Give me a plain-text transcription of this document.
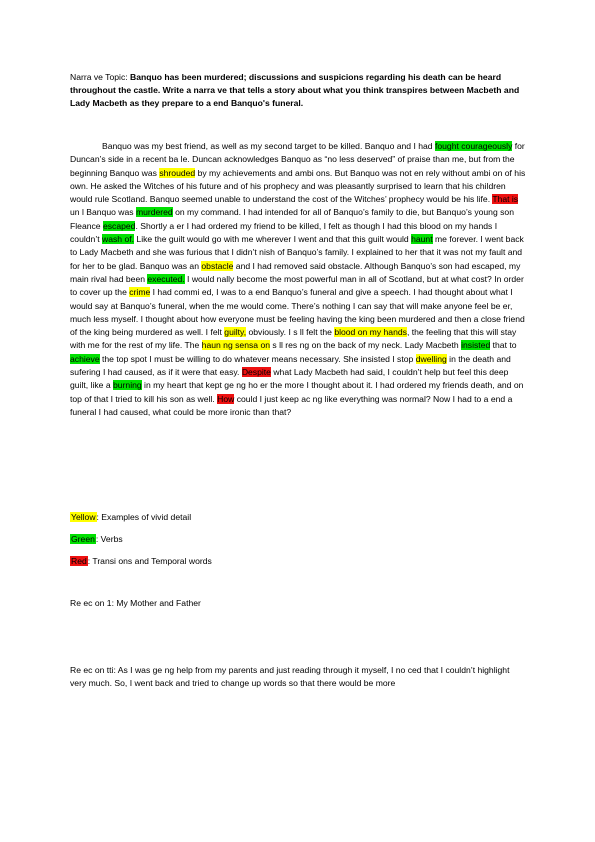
Narra ve Topic: Banquo has been murdered; discussions and suspicions regarding his death can be heard throughout the castle. Write a narra ve that tells a story about what you think transpires between Macbeth and Lady Macbeth as they prepare to a end Banquo's funeral.

Banquo was my best friend, as well as my second target to be killed. Banquo and I had fought courageously for Duncan’s side in a recent ba le. Duncan acknowledges Banquo as “no less deserved” of praise than me, but from the beginning Banquo was shrouded by my achievements and ambi ons. But Banquo was not en rely without ambi on of his own. He asked the Witches of his future and of his prophecy and was pleasantly surprised to learn that his children would rule Scotland. Banquo seemed unable to understand the cost of the Witches’ prophecy would be his life. That is un l Banquo was murdered on my command. I had intended for all of Banquo’s family to die, but Banquo’s young son Fleance escaped. Shortly a er I had ordered my friend to be killed, I felt as though I had this blood on my hands I couldn’t wash of. Like the guilt would go with me wherever I went and that this guilt would haunt me forever. I went back to Lady Macbeth and she was furious that I didn’t nish of Banquo’s family. I explained to her that it was not my fault and for her to be glad. Banquo was an obstacle and I had removed said obstacle. Although Banquo’s son had escaped, my main rival had been executed. I would nally become the most powerful man in all of Scotland, but at what cost? In order to cover up the crime I had commi ed, I was to a end Banquo’s funeral and give a speech. I had thought about what I would say at Banquo’s funeral, when the me would come. There’s nothing I can say that will make anyone feel be er, much less myself. I thought about how everyone must be feeling having the king been murdered and then a close friend of the king being murdered as well. I felt guilty, obviously. I s ll felt the blood on my hands, the feeling that this will stay with me for the rest of my life. The haun ng sensa on s ll res ng on the back of my neck. Lady Macbeth insisted that to achieve the top spot I must be willing to do whatever means necessary. She insisted I stop dwelling in the death and sufering I had caused, as if it were that easy. Despite what Lady Macbeth had said, I couldn’t help but feel this deep guilt, like a burning in my heart that kept ge ng ho er the more I thought about it. I had ordered my friends death, and on top of that I tried to kill his son as well. How could I just keep ac ng like everything was normal? Now I had to a end a funeral I had caused, what could be more ironic than that?

Yellow: Examples of vivid detail
Green: Verbs
Red: Transi ons and Temporal words
Re ec on 1: My Mother and Father
Re ec on tti: As I was ge ng help from my parents and just reading through it myself, I no ced that I couldn’t highlight very much. So, I went back and tried to change up words so that there would be more
